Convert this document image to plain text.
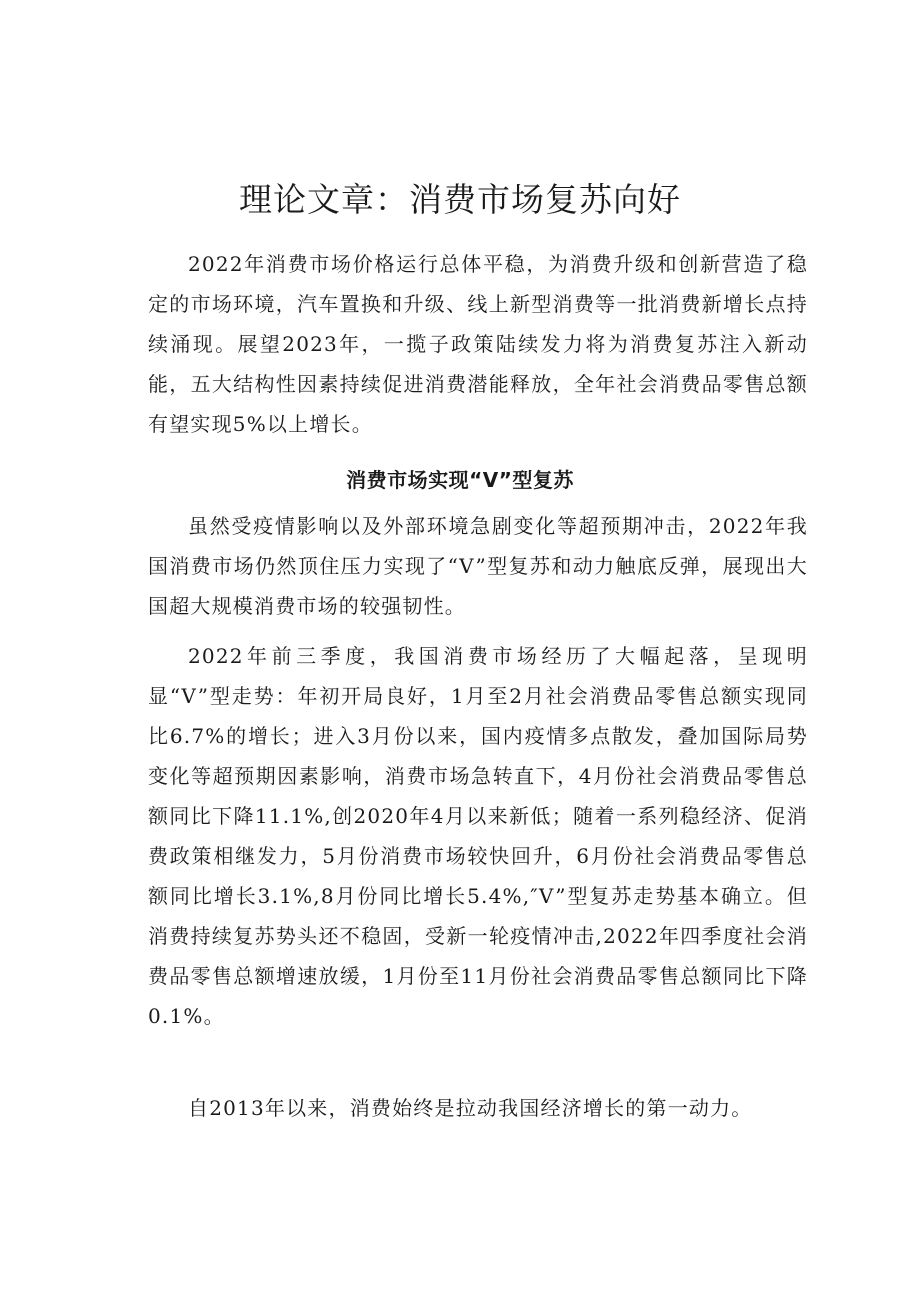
理论文章：消费市场复苏向好

2022年消费市场价格运行总体平稳，为消费升级和创新营造了稳定的市场环境，汽车置换和升级、线上新型消费等一批消费新增长点持续涌现。展望2023年，一揽子政策陆续发力将为消费复苏注入新动能，五大结构性因素持续促进消费潜能释放，全年社会消费品零售总额有望实现5%以上增长。

消费市场实现“V”型复苏

虽然受疫情影响以及外部环境急剧变化等超预期冲击，2022年我国消费市场仍然顶住压力实现了“V”型复苏和动力触底反弹，展现出大国超大规模消费市场的较强韧性。

2022年前三季度，我国消费市场经历了大幅起落，呈现明显“V”型走势：年初开局良好，1月至2月社会消费品零售总额实现同比6.7%的增长；进入3月份以来，国内疫情多点散发，叠加国际局势变化等超预期因素影响，消费市场急转直下，4月份社会消费品零售总额同比下降11.1%,创2020年4月以来新低；随着一系列稳经济、促消费政策相继发力，5月份消费市场较快回升，6月份社会消费品零售总额同比增长3.1%,8月份同比增长5.4%,″V”型复苏走势基本确立。但消费持续复苏势头还不稳固，受新一轮疫情冲击,2022年四季度社会消费品零售总额增速放缓，1月份至11月份社会消费品零售总额同比下降0.1%。

自2013年以来，消费始终是拉动我国经济增长的第一动力。
